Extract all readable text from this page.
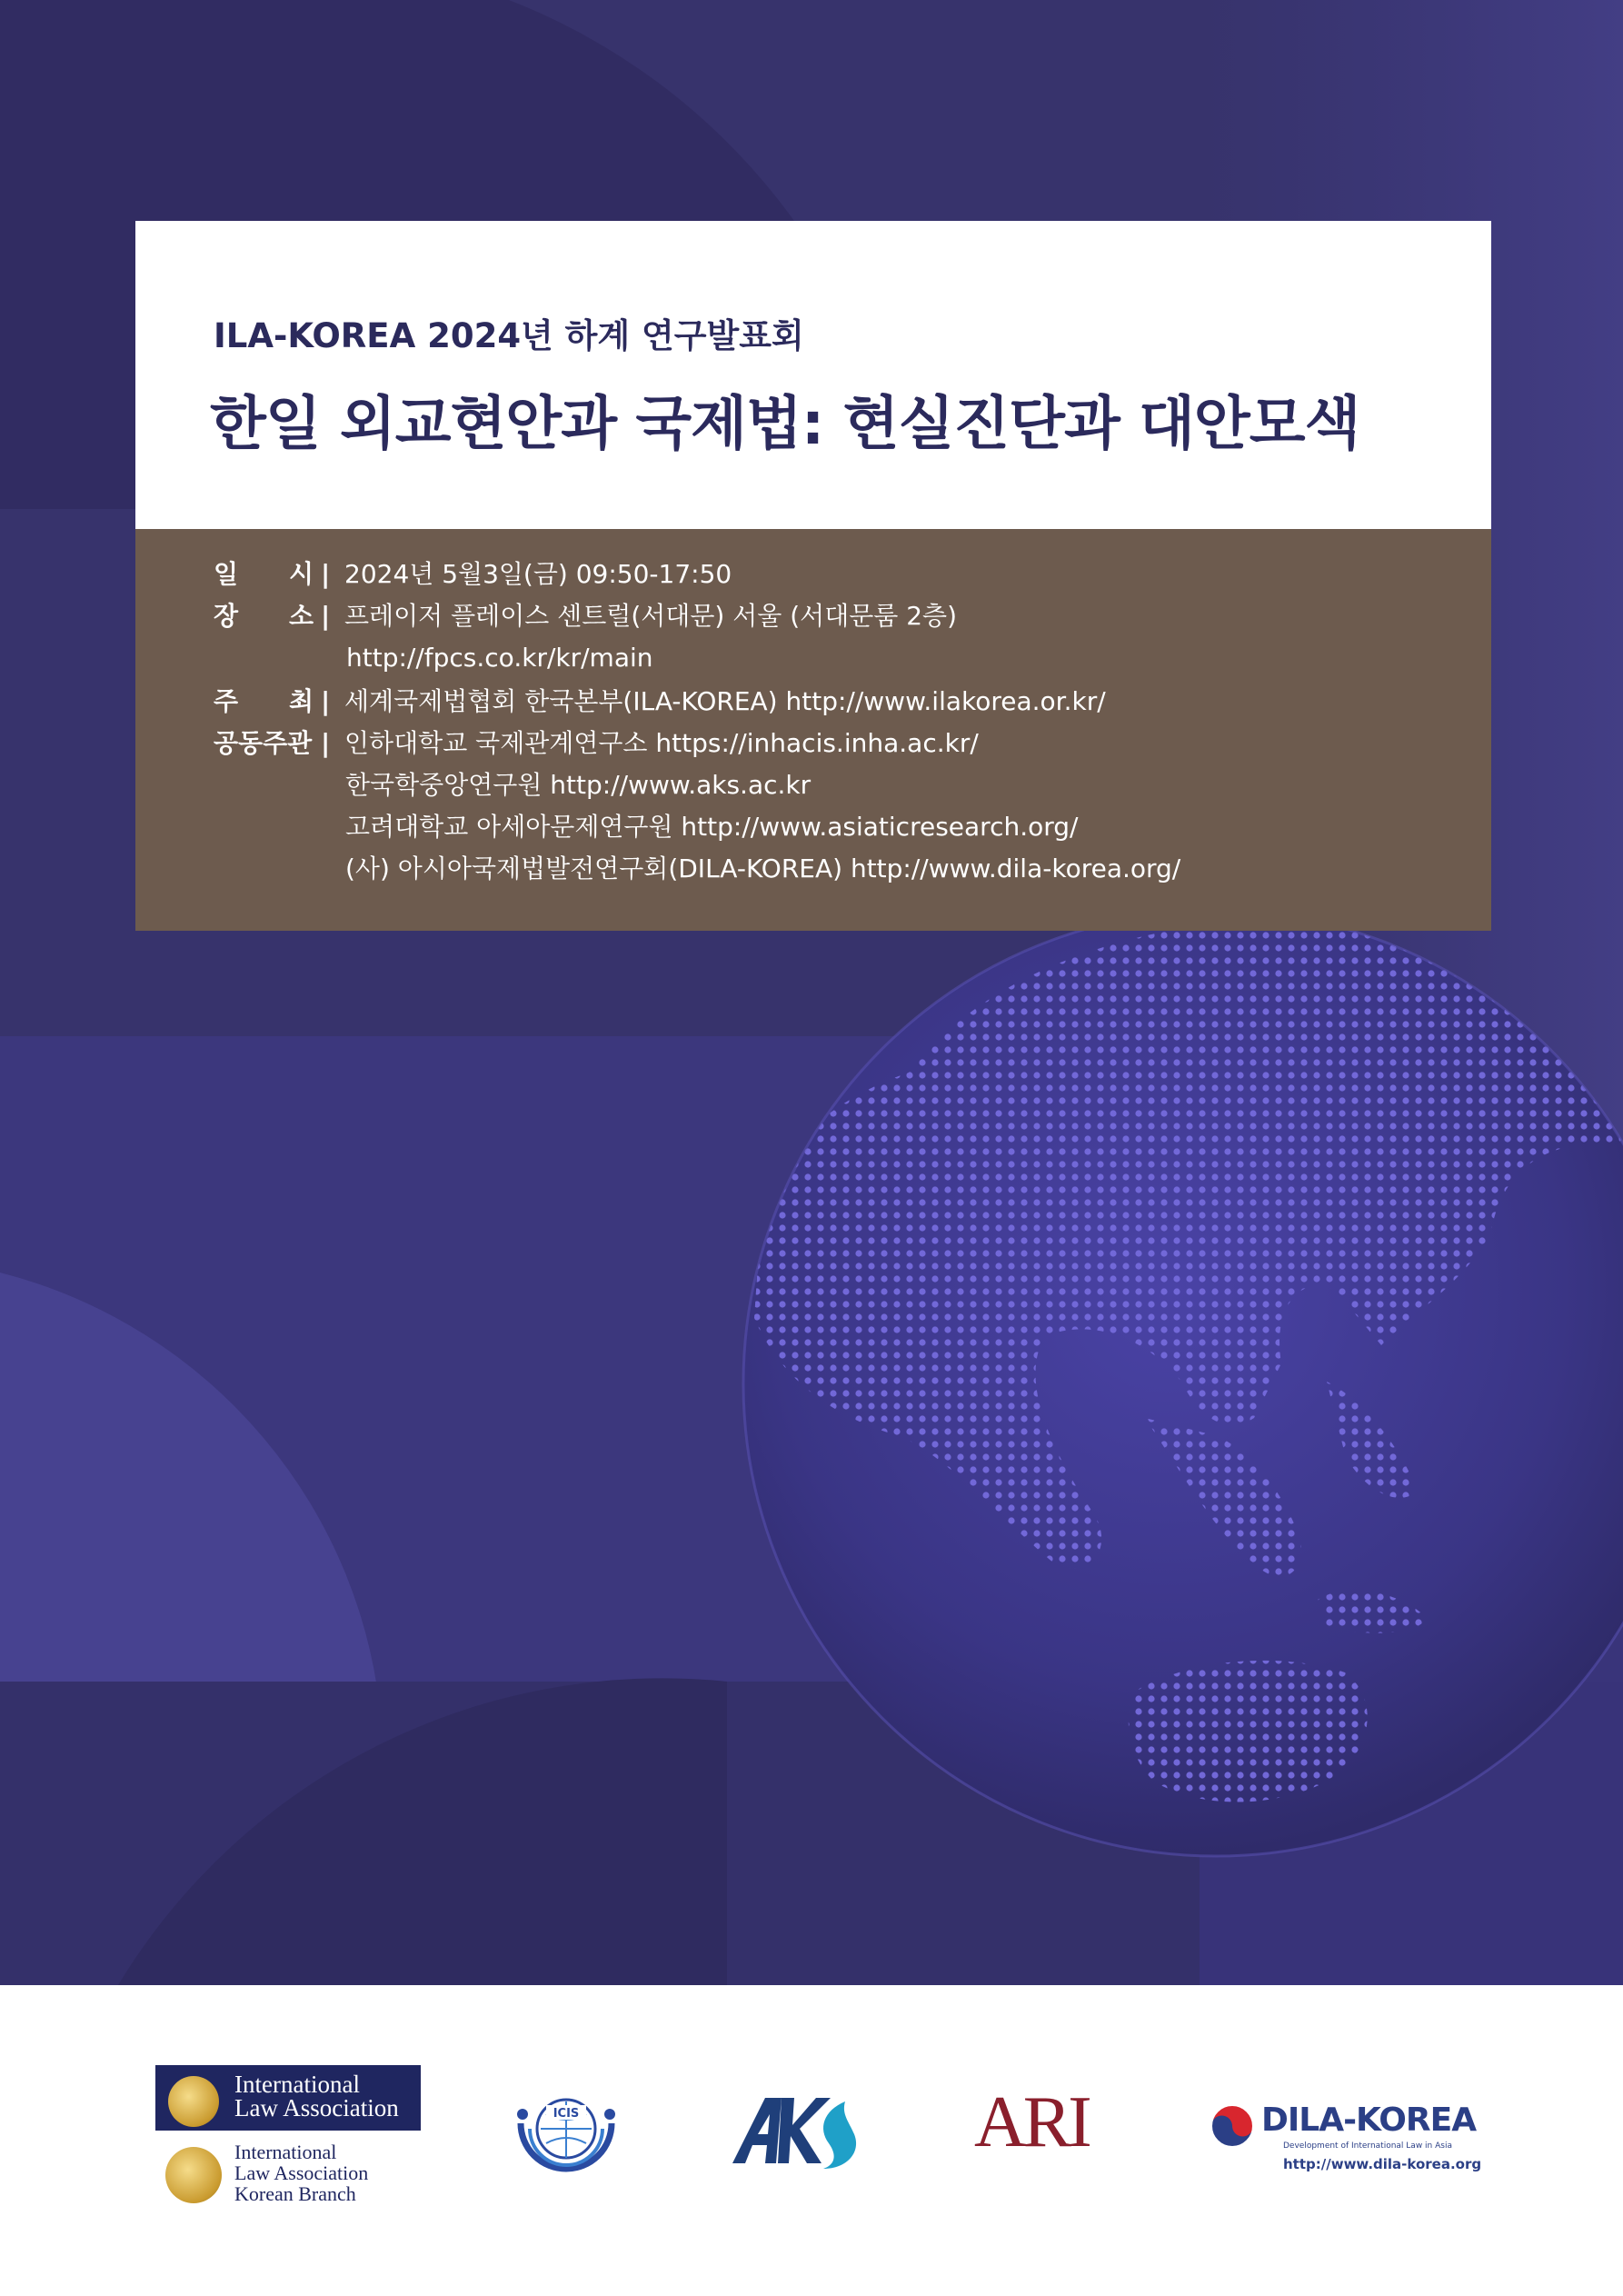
ILA-KOREA 2024년 하계 연구발표회
한일 외교현안과 국제법: 현실진단과 대안모색
일　　시 | 2024년 5월3일(금) 09:50-17:50
장　　소 | 프레이저 플레이스 센트럴(서대문) 서울 (서대문룸 2층)
http://fpcs.co.kr/kr/main
주　　최 | 세계국제법협회 한국본부(ILA-KOREA) http://www.ilakorea.or.kr/
공동주관 | 인하대학교 국제관계연구소 https://inhacis.inha.ac.kr/
한국학중앙연구원 http://www.aks.ac.kr
고려대학교 아세아문제연구원 http://www.asiaticresearch.org/
(사) 아시아국제법발전연구회(DILA-KOREA) http://www.dila-korea.org/
International
Law Association
International
Law Association
Korean Branch
ICIS	ARI	DILA-KOREA
Development of International Law in Asia
http://www.dila-korea.org
